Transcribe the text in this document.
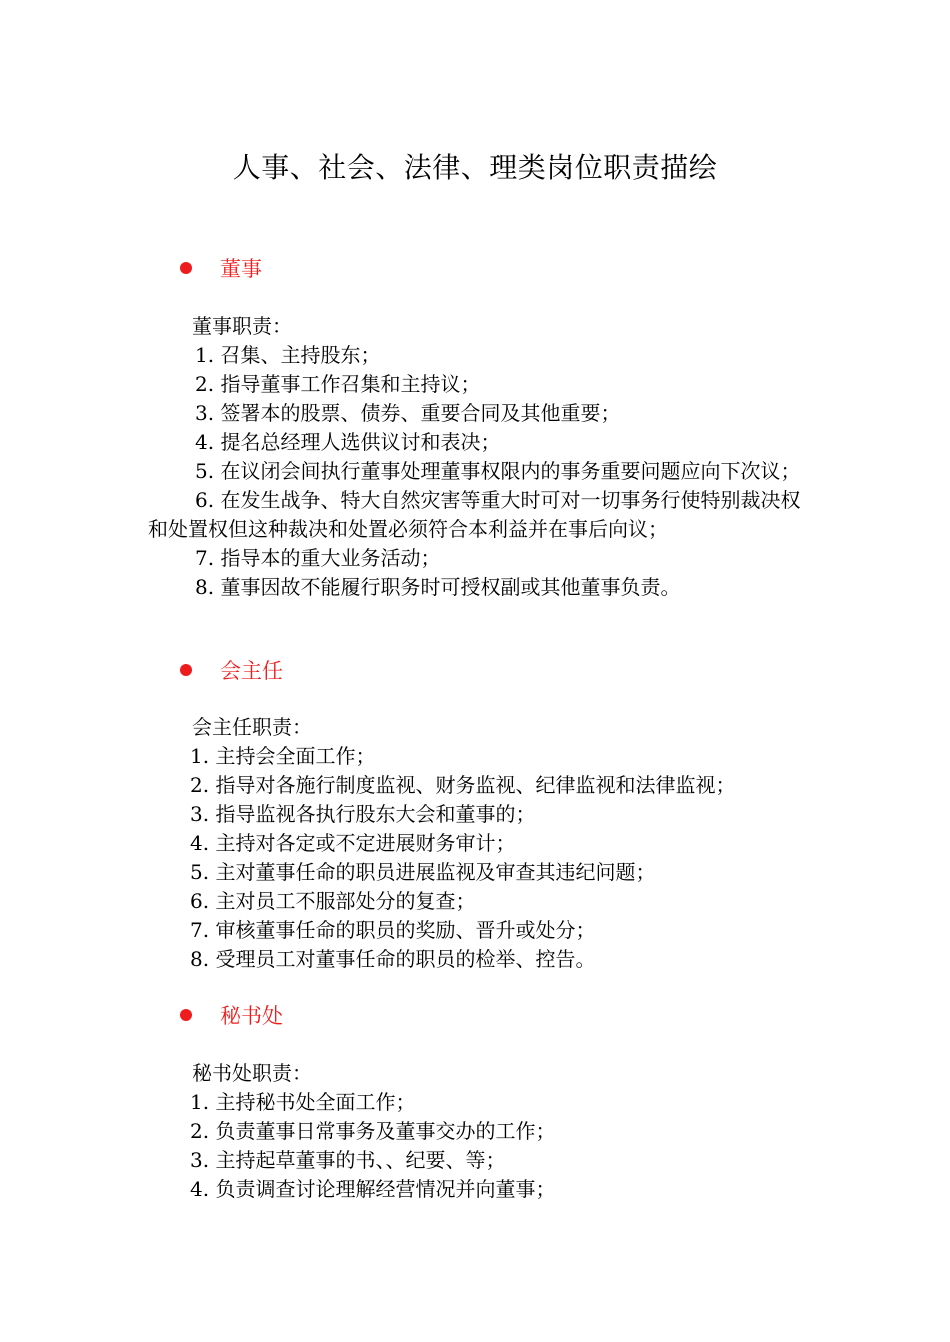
人事、社会、法律、理类岗位职责描绘
董事

董事职责：

1. 召集、主持股东；

2. 指导董事工作召集和主持议；

3. 签署本的股票、债券、重要合同及其他重要；

4. 提名总经理人选供议讨和表决；

5. 在议闭会间执行董事处理董事权限内的事务重要问题应向下次议；

6. 在发生战争、特大自然灾害等重大时可对一切事务行使特别裁决权和处置权但这种裁决和处置必须符合本利益并在事后向议；

7. 指导本的重大业务活动；

8. 董事因故不能履行职务时可授权副或其他董事负责。

会主任

会主任职责：

1. 主持会全面工作；

2. 指导对各施行制度监视、财务监视、纪律监视和法律监视；

3. 指导监视各执行股东大会和董事的；

4. 主持对各定或不定进展财务审计；

5. 主对董事任命的职员进展监视及审查其违纪问题；

6. 主对员工不服部处分的复查；

7. 审核董事任命的职员的奖励、晋升或处分；

8. 受理员工对董事任命的职员的检举、控告。

秘书处

秘书处职责：

1. 主持秘书处全面工作；

2. 负责董事日常事务及董事交办的工作；

3. 主持起草董事的书、、纪要、等；

4. 负责调查讨论理解经营情况并向董事；
